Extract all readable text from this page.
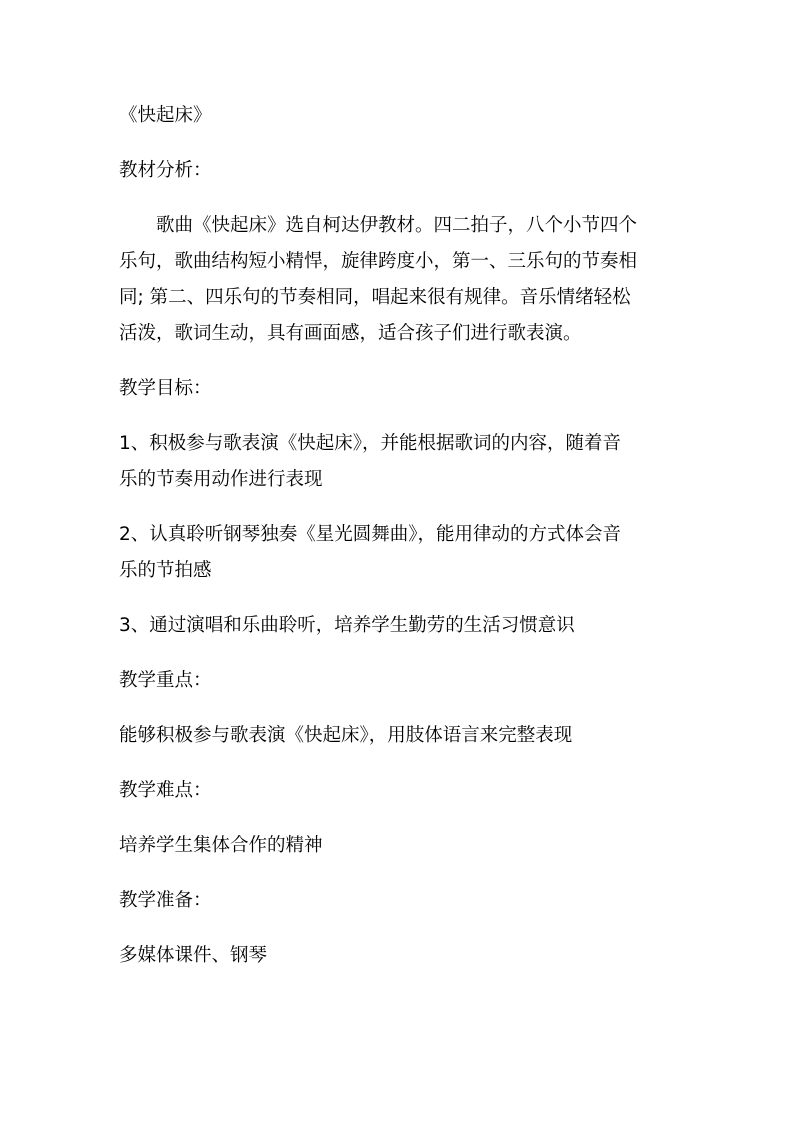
《快起床》
教材分析：
歌曲《快起床》选自柯达伊教材。四二拍子，八个小节四个
乐句，歌曲结构短小精悍，旋律跨度小，第一、三乐句的节奏相
同; 第二、四乐句的节奏相同，唱起来很有规律。音乐情绪轻松
活泼，歌词生动，具有画面感，适合孩子们进行歌表演。
教学目标：
1、积极参与歌表演《快起床》，并能根据歌词的内容，随着音
乐的节奏用动作进行表现
2、认真聆听钢琴独奏《星光圆舞曲》，能用律动的方式体会音
乐的节拍感
3、通过演唱和乐曲聆听，培养学生勤劳的生活习惯意识
教学重点：
能够积极参与歌表演《快起床》，用肢体语言来完整表现
教学难点：
培养学生集体合作的精神
教学准备：
多媒体课件、钢琴
